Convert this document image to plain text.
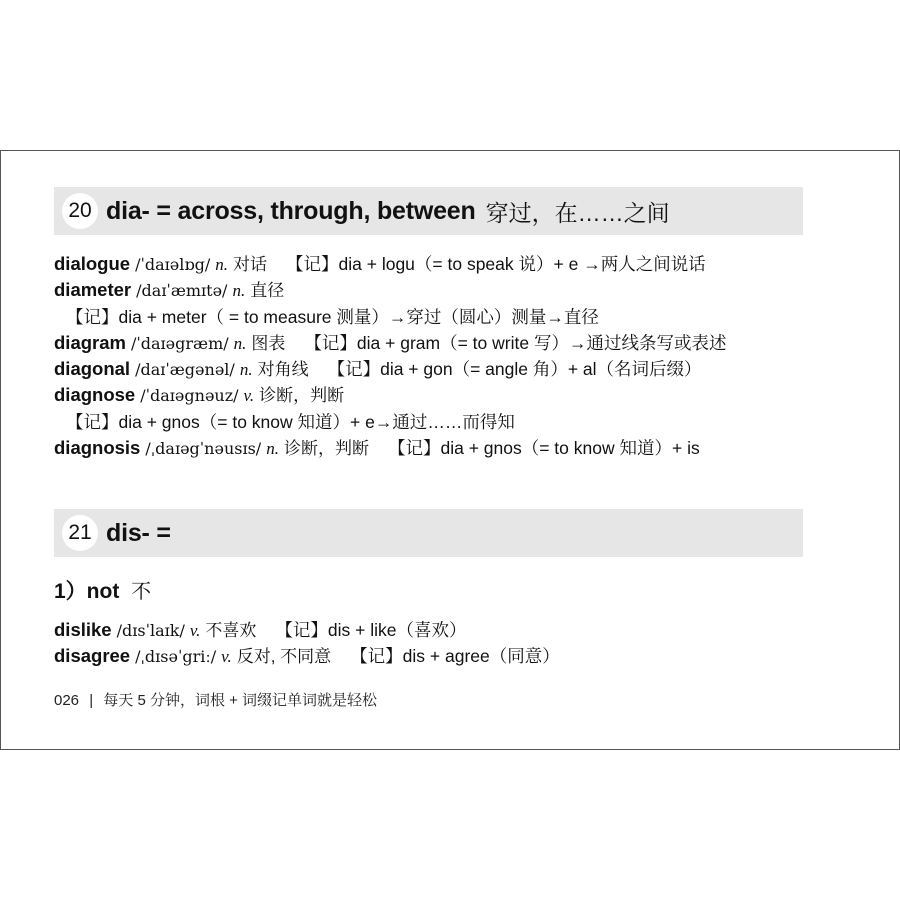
20 dia- = across, through, between 穿过，在……之间
dialogue /ˈdaɪəlɒg/ n. 对话 【记】dia + logu（= to speak 说）+ e →两人之间说话
diameter /daɪˈæmɪtə/ n. 直径
【记】dia + meter（ = to measure 测量）→穿过（圆心）测量→直径
diagram /ˈdaɪəgræm/ n. 图表 【记】dia + gram（= to write 写）→通过线条写或表述
diagonal /daɪˈægənəl/ n. 对角线 【记】dia + gon（= angle 角）+ al（名词后缀）
diagnose /ˈdaɪəgnəuz/ v. 诊断，判断
【记】dia + gnos（= to know 知道）+ e→通过……而得知
diagnosis /ˌdaɪəgˈnəusɪs/ n. 诊断，判断 【记】dia + gnos（= to know 知道）+ is
21 dis- =
1）not 不
dislike /dɪsˈlaɪk/ v. 不喜欢 【记】dis + like（喜欢）
disagree /ˌdɪsəˈgriː/ v. 反对, 不同意 【记】dis + agree（同意）
026 | 每天 5 分钟，词根 + 词缀记单词就是轻松
